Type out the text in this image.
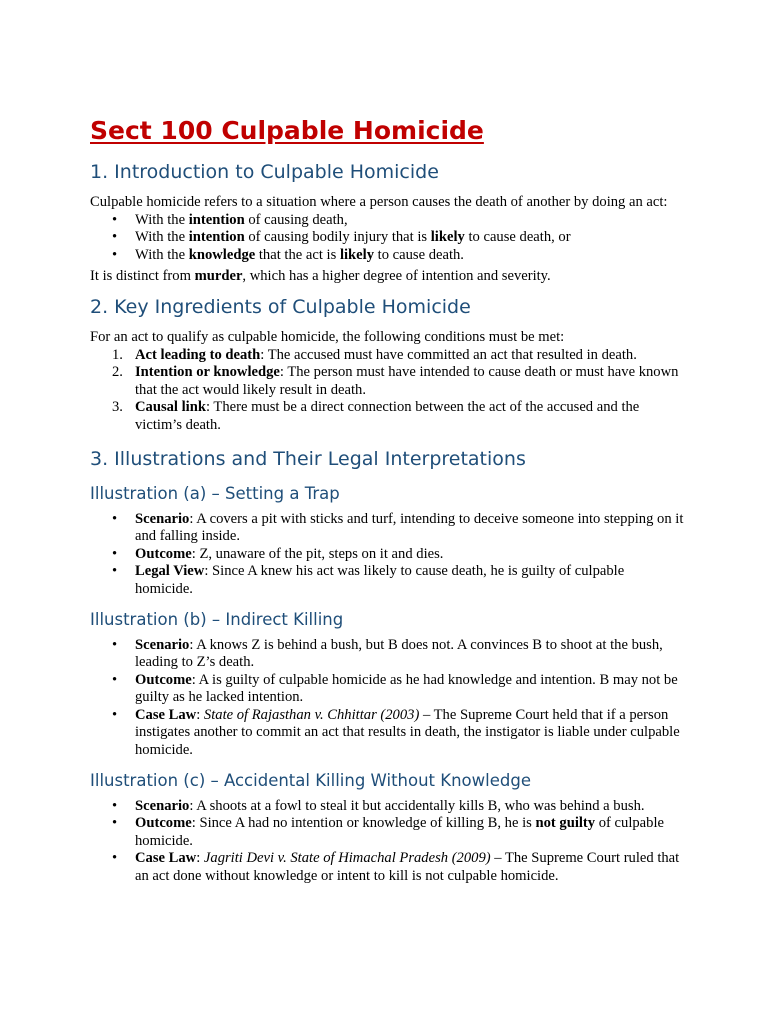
Sect 100 Culpable Homicide
1. Introduction to Culpable Homicide

Culpable homicide refers to a situation where a person causes the death of another by doing an act:

• With the intention of causing death,
• With the intention of causing bodily injury that is likely to cause death, or
• With the knowledge that the act is likely to cause death.

It is distinct from murder, which has a higher degree of intention and severity.

2. Key Ingredients of Culpable Homicide

For an act to qualify as culpable homicide, the following conditions must be met:

1. Act leading to death: The accused must have committed an act that resulted in death.
2. Intention or knowledge: The person must have intended to cause death or must have known that the act would likely result in death.
3. Causal link: There must be a direct connection between the act of the accused and the victim’s death.
3. Illustrations and Their Legal Interpretations
Illustration (a) – Setting a Trap
• Scenario: A covers a pit with sticks and turf, intending to deceive someone into stepping on it and falling inside.
• Outcome: Z, unaware of the pit, steps on it and dies.
• Legal View: Since A knew his act was likely to cause death, he is guilty of culpable homicide.
Illustration (b) – Indirect Killing
• Scenario: A knows Z is behind a bush, but B does not. A convinces B to shoot at the bush, leading to Z’s death.
• Outcome: A is guilty of culpable homicide as he had knowledge and intention. B may not be guilty as he lacked intention.
• Case Law: State of Rajasthan v. Chhittar (2003) – The Supreme Court held that if a person instigates another to commit an act that results in death, the instigator is liable under culpable homicide.
Illustration (c) – Accidental Killing Without Knowledge
• Scenario: A shoots at a fowl to steal it but accidentally kills B, who was behind a bush.
• Outcome: Since A had no intention or knowledge of killing B, he is not guilty of culpable homicide.
• Case Law: Jagriti Devi v. State of Himachal Pradesh (2009) – The Supreme Court ruled that an act done without knowledge or intent to kill is not culpable homicide.
